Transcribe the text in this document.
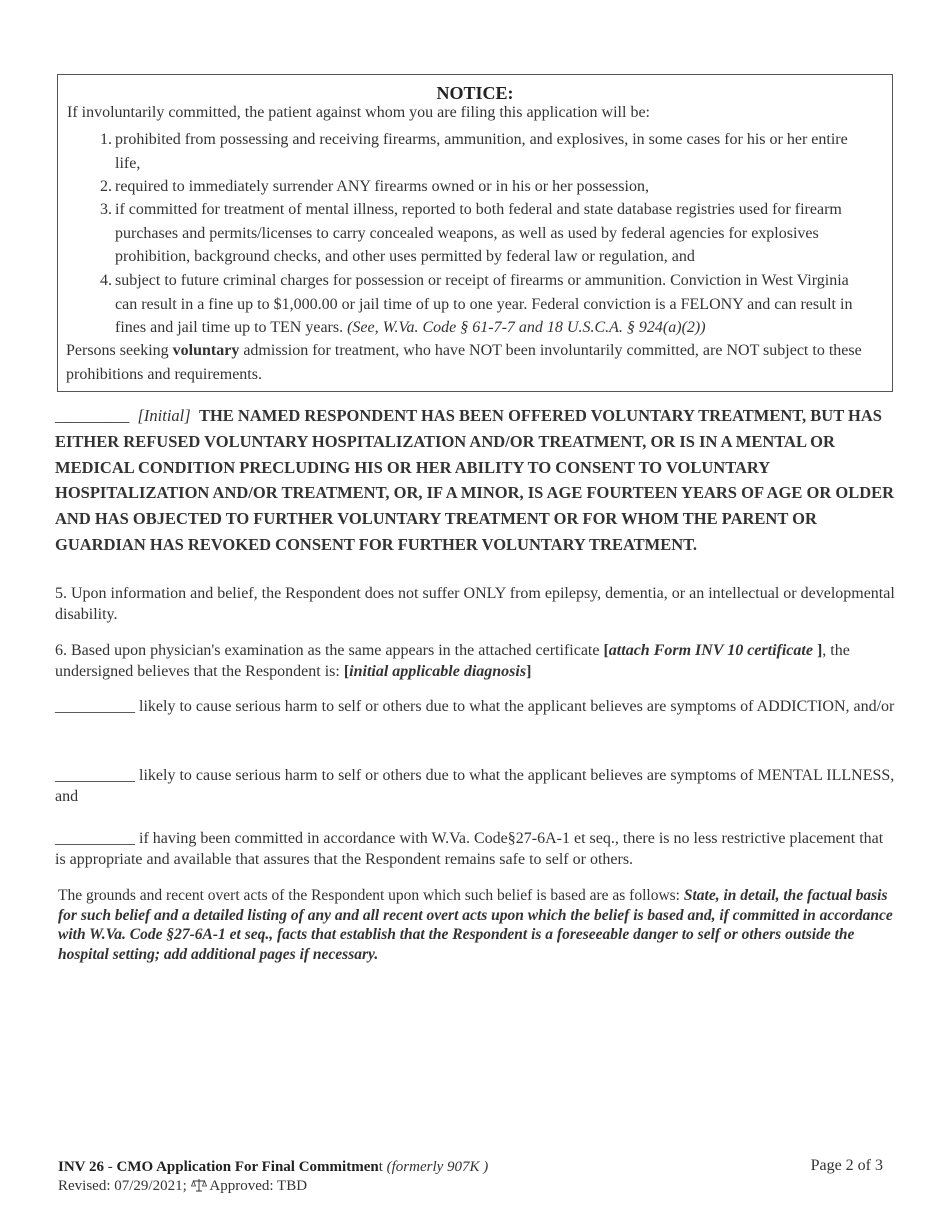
NOTICE:
If involuntarily committed, the patient against whom you are filing this application will be:
1. prohibited from possessing and receiving firearms, ammunition, and explosives, in some cases for his or her entire life,
2. required to immediately surrender ANY firearms owned or in his or her possession,
3. if committed for treatment of mental illness, reported to both federal and state database registries used for firearm purchases and permits/licenses to carry concealed weapons, as well as used by federal agencies for explosives prohibition, background checks, and other uses permitted by federal law or regulation, and
4. subject to future criminal charges for possession or receipt of firearms or ammunition. Conviction in West Virginia can result in a fine up to $1,000.00 or jail time of up to one year. Federal conviction is a FELONY and can result in fines and jail time up to TEN years. (See, W.Va. Code § 61-7-7 and 18 U.S.C.A. § 924(a)(2))
Persons seeking voluntary admission for treatment, who have NOT been involuntarily committed, are NOT subject to these prohibitions and requirements.
_________ [Initial] THE NAMED RESPONDENT HAS BEEN OFFERED VOLUNTARY TREATMENT, BUT HAS EITHER REFUSED VOLUNTARY HOSPITALIZATION AND/OR TREATMENT, OR IS IN A MENTAL OR MEDICAL CONDITION PRECLUDING HIS OR HER ABILITY TO CONSENT TO VOLUNTARY HOSPITALIZATION AND/OR TREATMENT, OR, IF A MINOR, IS AGE FOURTEEN YEARS OF AGE OR OLDER AND HAS OBJECTED TO FURTHER VOLUNTARY TREATMENT OR FOR WHOM THE PARENT OR GUARDIAN HAS REVOKED CONSENT FOR FURTHER VOLUNTARY TREATMENT.
5. Upon information and belief, the Respondent does not suffer ONLY from epilepsy, dementia, or an intellectual or developmental disability.
6. Based upon physician's examination as the same appears in the attached certificate [attach Form INV 10 certificate ], the undersigned believes that the Respondent is: [initial applicable diagnosis]
__________ likely to cause serious harm to self or others due to what the applicant believes are symptoms of ADDICTION, and/or
__________ likely to cause serious harm to self or others due to what the applicant believes are symptoms of MENTAL ILLNESS, and
__________ if having been committed in accordance with W.Va. Code§27-6A-1 et seq., there is no less restrictive placement that is appropriate and available that assures that the Respondent remains safe to self or others.
The grounds and recent overt acts of the Respondent upon which such belief is based are as follows: State, in detail, the factual basis for such belief and a detailed listing of any and all recent overt acts upon which the belief is based and, if committed in accordance with W.Va. Code §27-6A-1 et seq., facts that establish that the Respondent is a foreseeable danger to self or others outside the hospital setting; add additional pages if necessary.
INV 26 - CMO Application For Final Commitment (formerly 907K )
Revised: 07/29/2021;  Approved: TBD
Page 2 of 3
